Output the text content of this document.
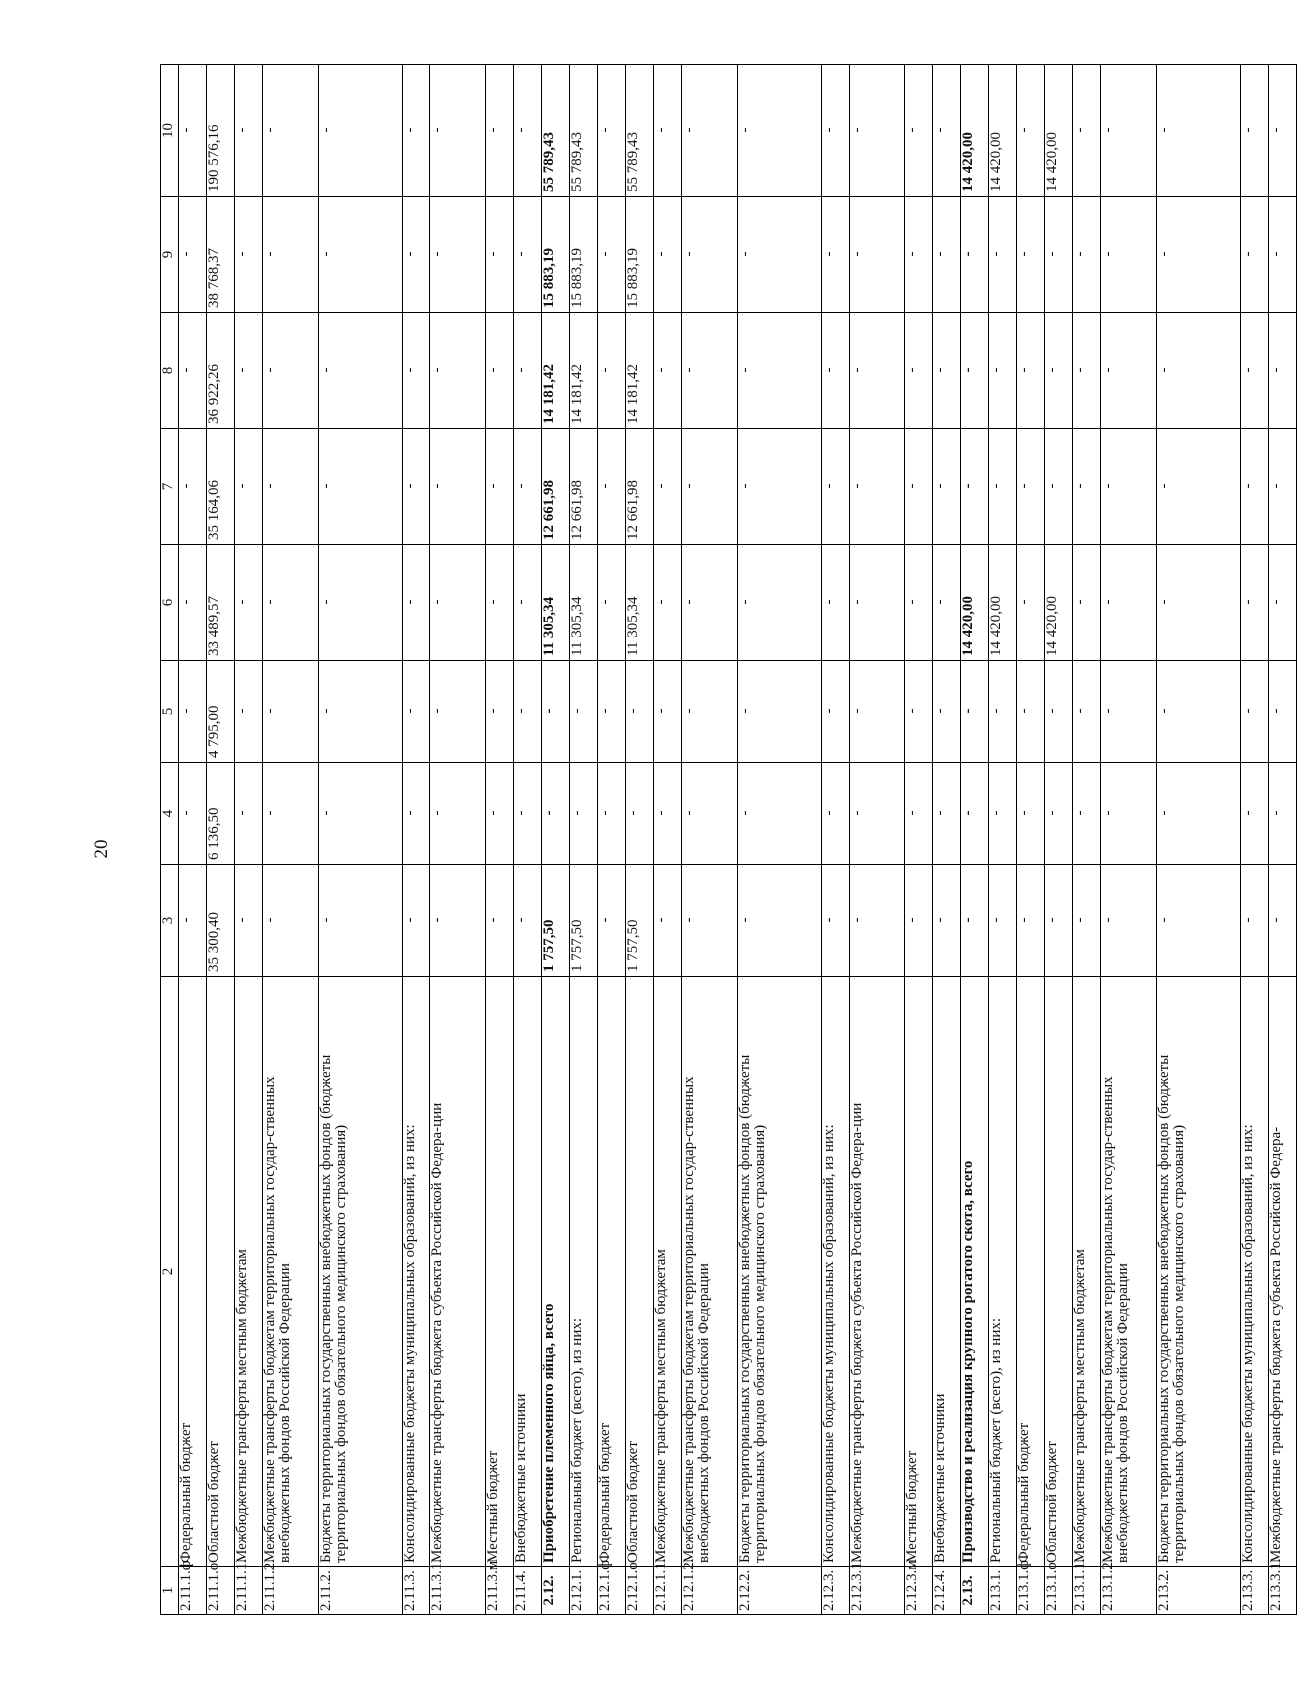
20
1	2	3	4	5	6	7	8	9	10
2.11.1.ф	Федеральный бюджет	-	-	-	-	-	-	-	-
2.11.1.о	Областной бюджет	35 300,40	6 136,50	4 795,00	33 489,57	35 164,06	36 922,26	38 768,37	190 576,16
2.11.1.1.	Межбюджетные трансферты местным бюджетам	-	-	-	-	-	-	-	-
2.11.1.2.	Межбюджетные трансферты бюджетам территориальных государ-ственных внебюджетных фондов Российской Федерации	-	-	-	-	-	-	-	-
2.11.2.	Бюджеты территориальных государственных внебюджетных фондов (бюджеты территориальных фондов обязательного медицинского страхования)	-	-	-	-	-	-	-	-
2.11.3.	Консолидированные бюджеты муниципальных образований, из них:	-	-	-	-	-	-	-	-
2.11.3.1.	Межбюджетные трансферты бюджета субъекта Российской Федера-ции	-	-	-	-	-	-	-	-
2.11.3.м	Местный бюджет	-	-	-	-	-	-	-	-
2.11.4.	Внебюджетные источники	-	-	-	-	-	-	-	-
2.12.	Приобретение племенного яйца, всего	1 757,50	-	-	11 305,34	12 661,98	14 181,42	15 883,19	55 789,43
2.12.1.	Региональный бюджет (всего), из них:	1 757,50	-	-	11 305,34	12 661,98	14 181,42	15 883,19	55 789,43
2.12.1.ф	Федеральный бюджет	-	-	-	-	-	-	-	-
2.12.1.о	Областной бюджет	1 757,50	-	-	11 305,34	12 661,98	14 181,42	15 883,19	55 789,43
2.12.1.1.	Межбюджетные трансферты местным бюджетам	-	-	-	-	-	-	-	-
2.12.1.2.	Межбюджетные трансферты бюджетам территориальных государ-ственных внебюджетных фондов Российской Федерации	-	-	-	-	-	-	-	-
2.12.2.	Бюджеты территориальных государственных внебюджетных фондов (бюджеты территориальных фондов обязательного медицинского страхования)	-	-	-	-	-	-	-	-
2.12.3.	Консолидированные бюджеты муниципальных образований, из них:	-	-	-	-	-	-	-	-
2.12.3.1.	Межбюджетные трансферты бюджета субъекта Российской Федера-ции	-	-	-	-	-	-	-	-
2.12.3.м	Местный бюджет	-	-	-	-	-	-	-	-
2.12.4.	Внебюджетные источники	-	-	-	-	-	-	-	-
2.13.	Производство и реализация крупного рогатого скота, всего	-	-	-	14 420,00	-	-	-	14 420,00
2.13.1.	Региональный бюджет (всего), из них:	-	-	-	14 420,00	-	-	-	14 420,00
2.13.1.ф	Федеральный бюджет	-	-	-	-	-	-	-	-
2.13.1.о	Областной бюджет	-	-	-	14 420,00	-	-	-	14 420,00
2.13.1.1.	Межбюджетные трансферты местным бюджетам	-	-	-	-	-	-	-	-
2.13.1.2.	Межбюджетные трансферты бюджетам территориальных государ-ственных внебюджетных фондов Российской Федерации	-	-	-	-	-	-	-	-
2.13.2.	Бюджеты территориальных государственных внебюджетных фондов (бюджеты территориальных фондов обязательного медицинского страхования)	-	-	-	-	-	-	-	-
2.13.3.	Консолидированные бюджеты муниципальных образований, из них:	-	-	-	-	-	-	-	-
2.13.3.1.	Межбюджетные трансферты бюджета субъекта Российской Федера-	-	-	-	-	-	-	-	-
